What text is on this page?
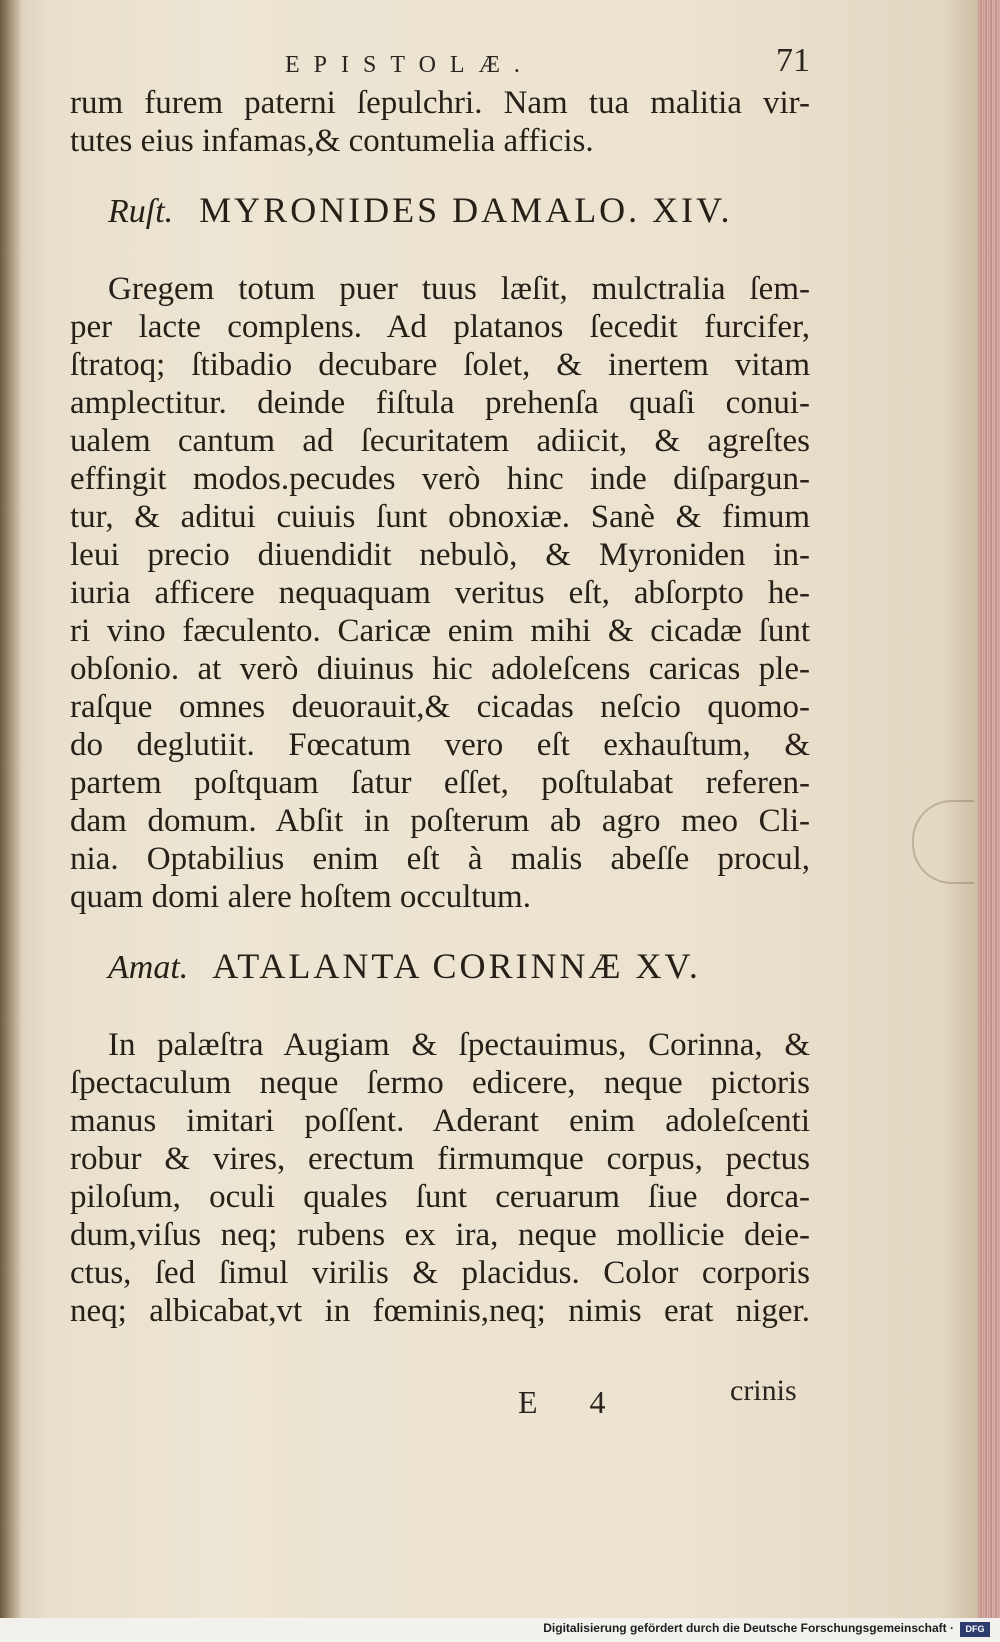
EPISTOLÆ.	71
rum furem paterni ſepulchri. Nam tua malitia vir-
tutes eius infamas,& contumelia afficis.
Ruſt. MYRONIDES DAMALO. XIV.
Gregem totum puer tuus læſit, mulctralia ſem-
per lacte complens. Ad platanos ſecedit furcifer,
ſtratoq; ſtibadio decubare ſolet, & inertem vitam
amplectitur. deinde fiſtula prehenſa quaſi conui-
ualem cantum ad ſecuritatem adiicit, & agreſtes
effingit modos.pecudes verò hinc inde diſpargun-
tur, & aditui cuiuis ſunt obnoxiæ. Sanè & fimum
leui precio diuendidit nebulò, & Myroniden in-
iuria afficere nequaquam veritus eſt, abſorpto he-
ri vino fæculento. Caricæ enim mihi & cicadæ ſunt
obſonio. at verò diuinus hic adoleſcens caricas ple-
raſque omnes deuorauit,& cicadas neſcio quomo-
do deglutiit. Fœcatum vero eſt exhauſtum, &
partem poſtquam ſatur eſſet, poſtulabat referen-
dam domum. Abſit in poſterum ab agro meo Cli-
nia. Optabilius enim eſt à malis abeſſe procul,
quam domi alere hoſtem occultum.
Amat. ATALANTA CORINNÆ XV.
In palæſtra Augiam & ſpectauimus, Corinna, &
ſpectaculum neque ſermo edicere, neque pictoris
manus imitari poſſent. Aderant enim adoleſcenti
robur & vires, erectum firmumque corpus, pectus
piloſum, oculi quales ſunt ceruarum ſiue dorca-
dum,viſus neq; rubens ex ira, neque mollicie deie-
ctus, ſed ſimul virilis & placidus. Color corporis
neq; albicabat,vt in fœminis,neq; nimis erat niger.
E 4	crinis
Digitalisierung gefördert durch die Deutsche Forschungsgemeinschaft ·	DFG
